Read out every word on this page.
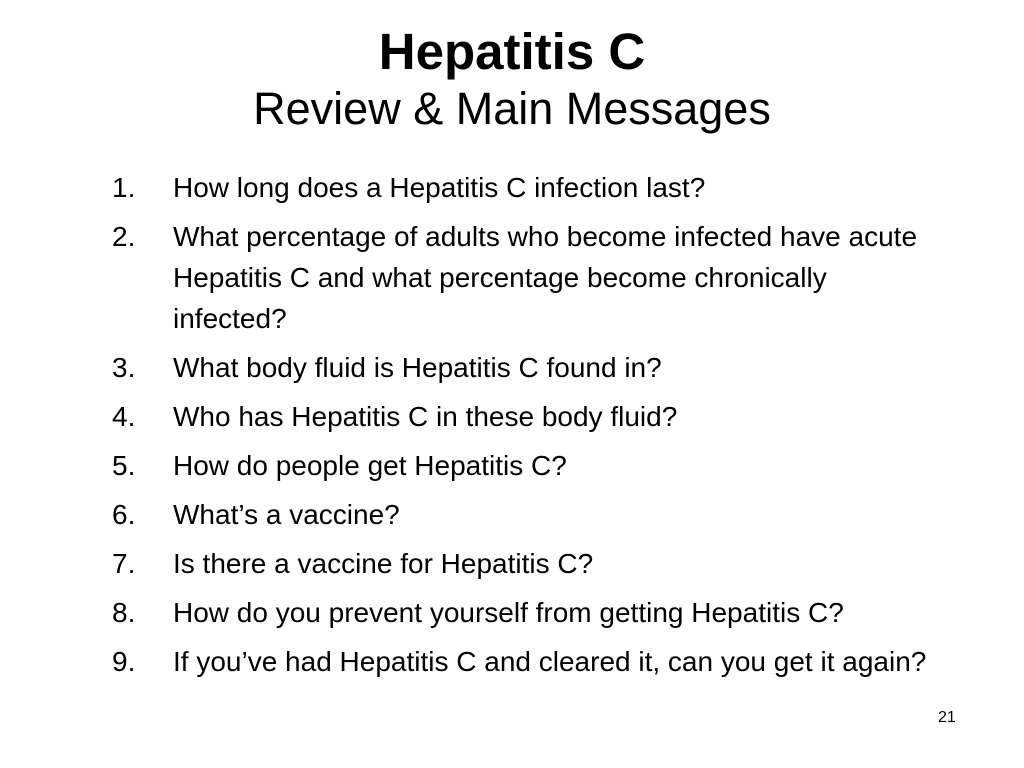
Hepatitis C
Review & Main Messages
1.	How long does a Hepatitis C infection last?
2.	What percentage of adults who become infected have acute Hepatitis C and what percentage become chronically infected?
3.	What body fluid is Hepatitis C found in?
4.	Who has Hepatitis C in these body fluid?
5.	How do people get Hepatitis C?
6.	What’s a vaccine?
7.	Is there a vaccine for Hepatitis C?
8.	How do you prevent yourself from getting Hepatitis C?
9.	If you’ve had Hepatitis C and cleared it, can you get it again?
21
